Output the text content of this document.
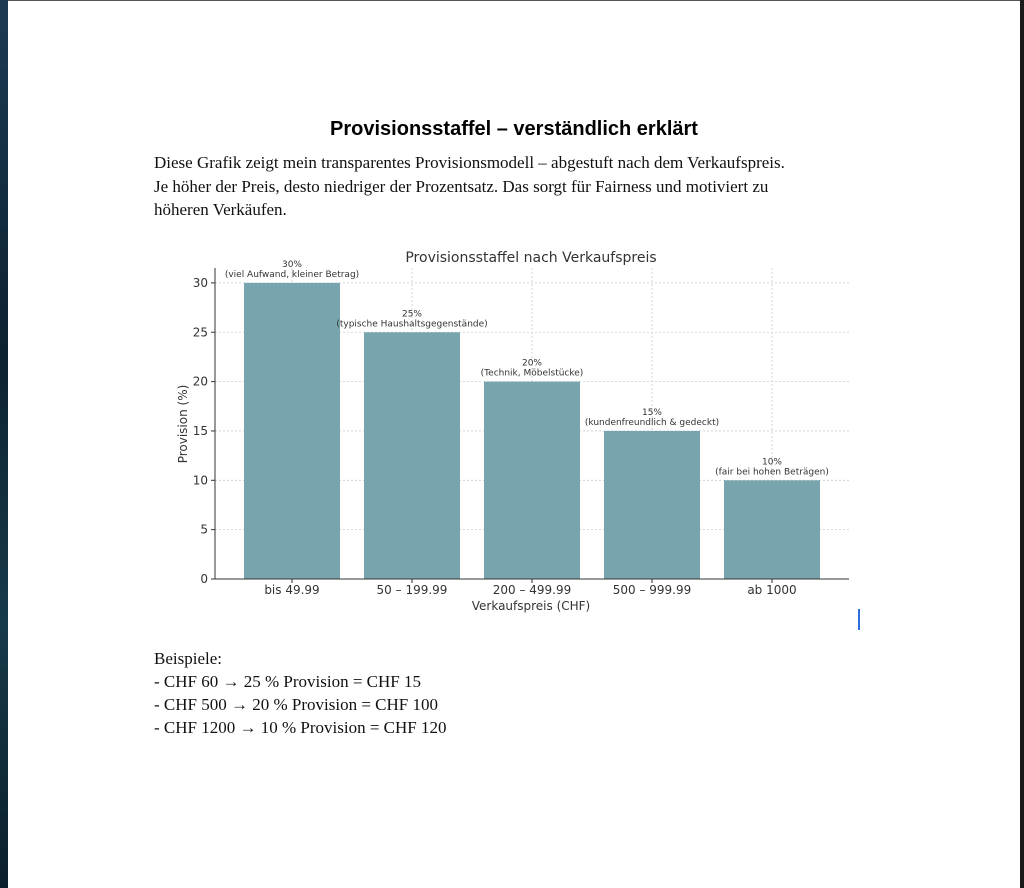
Provisionsstaffel – verständlich erklärt
Diese Grafik zeigt mein transparentes Provisionsmodell – abgestuft nach dem Verkaufspreis.
Je höher der Preis, desto niedriger der Prozentsatz. Das sorgt für Fairness und motiviert zu
höheren Verkäufen.
0
5
10
15
20
25
30
bis 49.99
30%
(viel Aufwand, kleiner Betrag)
50 – 199.99
25%
(typische Haushaltsgegenstände)
200 – 499.99
20%
(Technik, Möbelstücke)
500 – 999.99
15%
(kundenfreundlich & gedeckt)
ab 1000
10%
(fair bei hohen Beträgen)
Provisionsstaffel nach Verkaufspreis
Verkaufspreis (CHF)
Provision (%)
Beispiele:
- CHF 60 → 25 % Provision = CHF 15
- CHF 500 → 20 % Provision = CHF 100
- CHF 1200 → 10 % Provision = CHF 120
